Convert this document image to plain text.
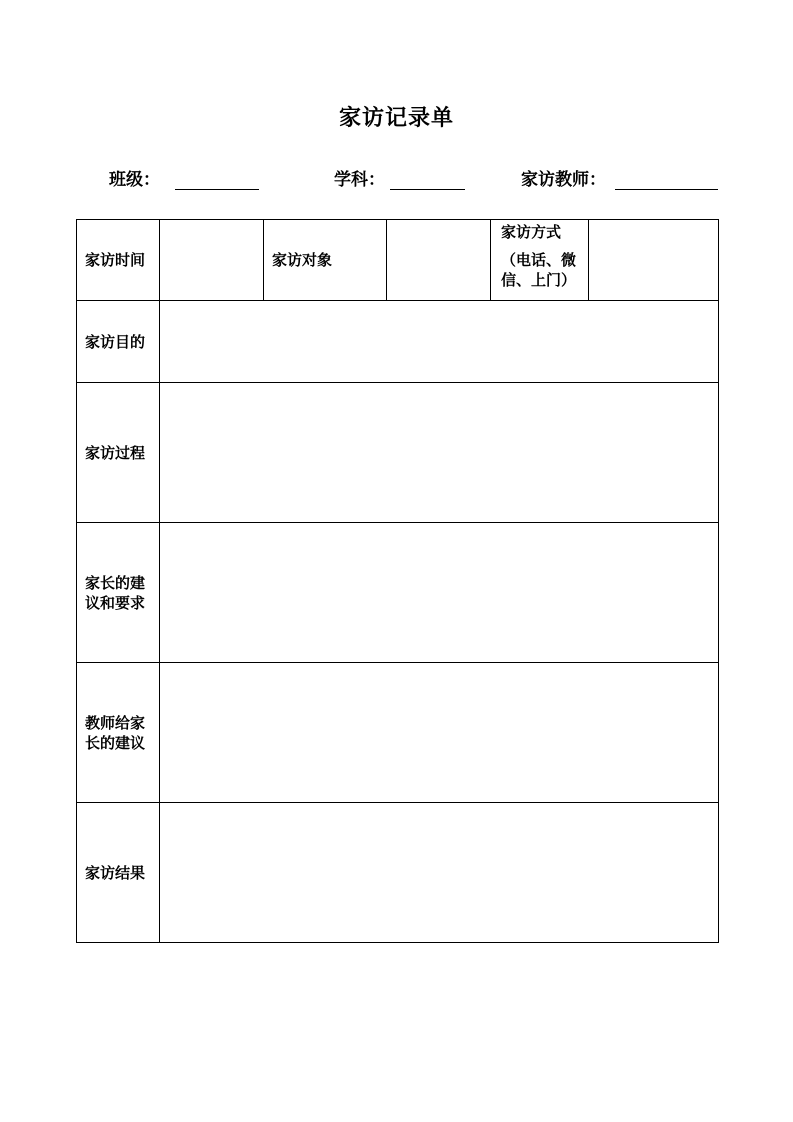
家访记录单
班级：	学科：	家访教师：
家访时间		家访对象		家访方式
（电话、微信、上门）	

家访目的					
家访过程					
家长的建议和要求					
教师给家长的建议					
家访结果					
